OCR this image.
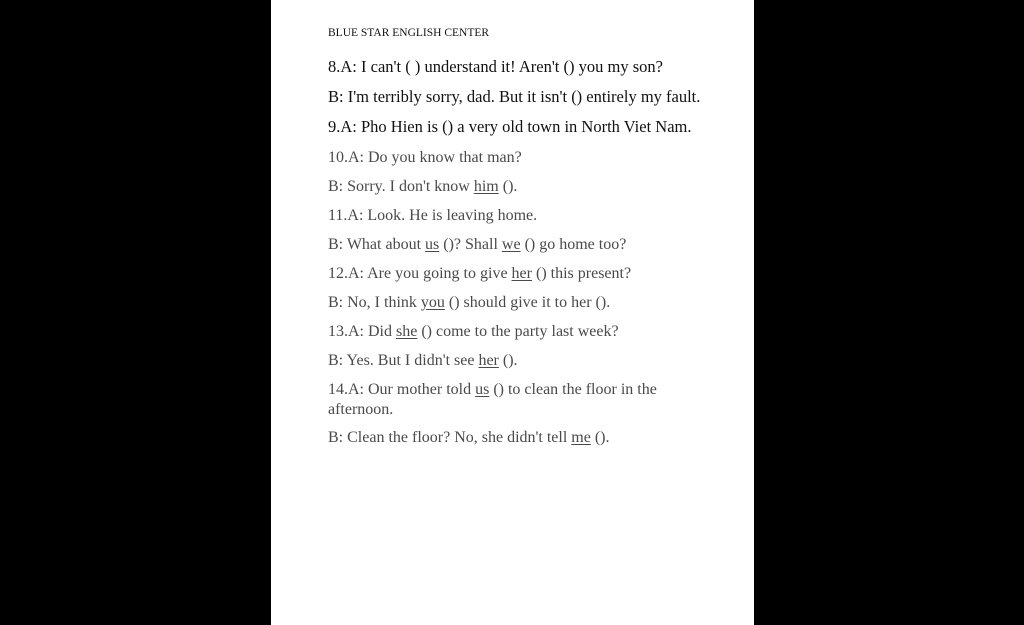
BLUE STAR ENGLISH CENTER
8.A: I can't ( ) understand it! Aren't () you my son?
B: I'm terribly sorry, dad. But it isn't () entirely my fault.
9.A: Pho Hien is () a very old town in North Viet Nam.
10.A: Do you know that man?
B: Sorry. I don't know him ().
11.A: Look. He is leaving home.
B: What about us ()? Shall we () go home too?
12.A: Are you going to give her () this present?
B: No, I think you () should give it to her ().
13.A: Did she () come to the party last week?
B: Yes. But I didn't see her ().
14.A: Our mother told us () to clean the floor in the afternoon.
B: Clean the floor? No, she didn't tell me ().
